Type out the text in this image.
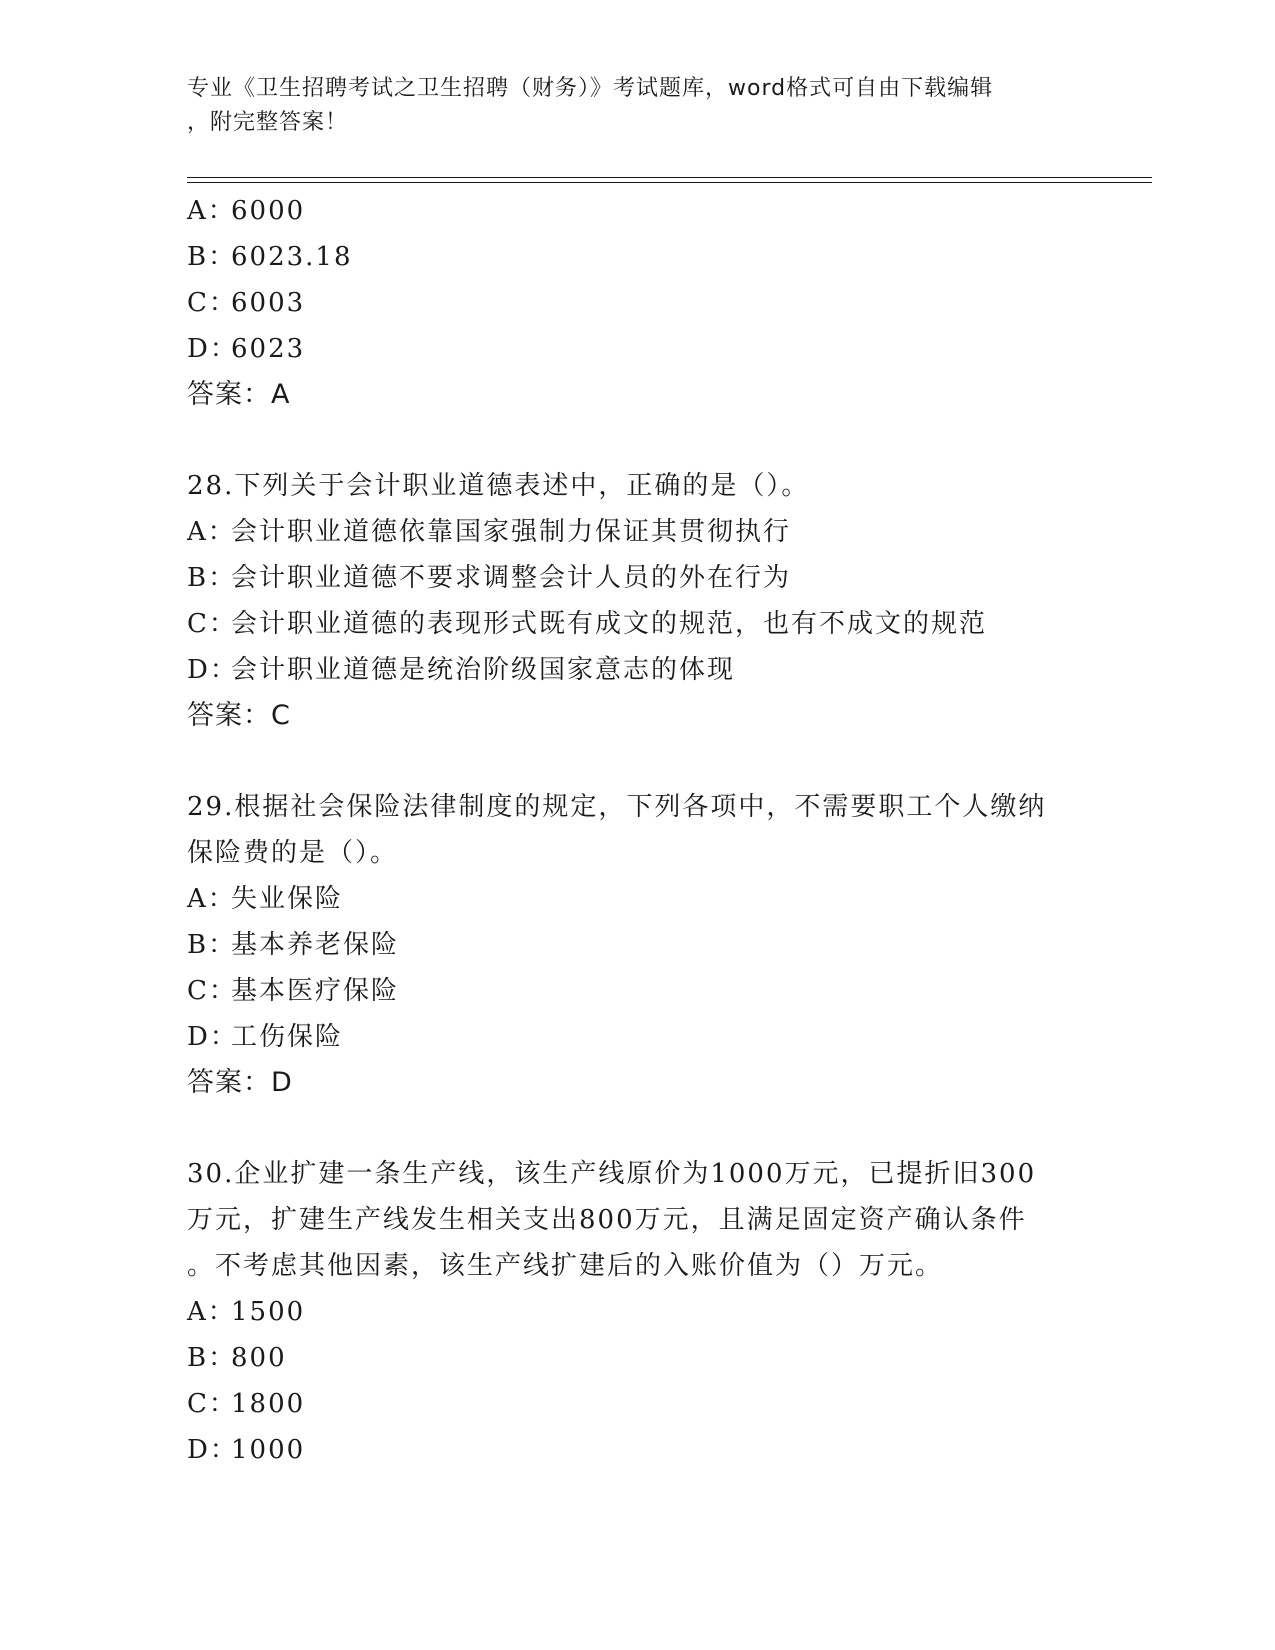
专业《卫生招聘考试之卫生招聘（财务）》考试题库，word格式可自由下载编辑
，附完整答案！
A：6000
B：6023.18
C：6003
D：6023
答案：A
28.下列关于会计职业道德表述中，正确的是（）。
A：会计职业道德依靠国家强制力保证其贯彻执行
B：会计职业道德不要求调整会计人员的外在行为
C：会计职业道德的表现形式既有成文的规范，也有不成文的规范
D：会计职业道德是统治阶级国家意志的体现
答案：C
29.根据社会保险法律制度的规定，下列各项中，不需要职工个人缴纳
保险费的是（）。
A：失业保险
B：基本养老保险
C：基本医疗保险
D：工伤保险
答案：D
30.企业扩建一条生产线，该生产线原价为1000万元，已提折旧300
万元，扩建生产线发生相关支出800万元，且满足固定资产确认条件
。不考虑其他因素，该生产线扩建后的入账价值为（）万元。
A：1500
B：800
C：1800
D：1000
